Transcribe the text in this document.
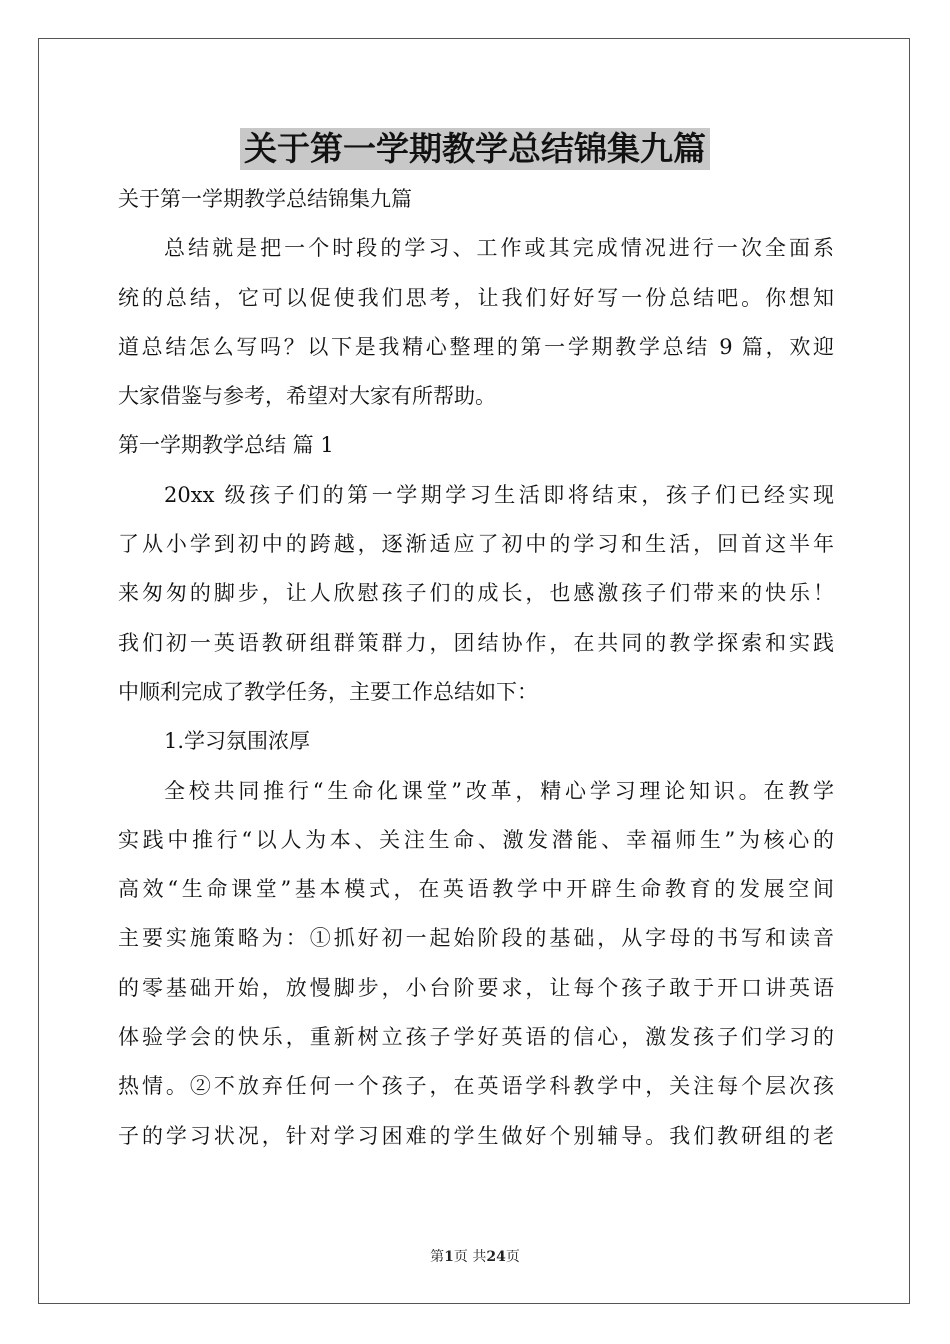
关于第一学期教学总结锦集九篇
关于第一学期教学总结锦集九篇
总结就是把一个时段的学习、工作或其完成情况进行一次全面系
统的总结，它可以促使我们思考，让我们好好写一份总结吧。你想知
道总结怎么写吗？以下是我精心整理的第一学期教学总结 9 篇，欢迎
大家借鉴与参考，希望对大家有所帮助。
第一学期教学总结 篇 1
20xx 级孩子们的第一学期学习生活即将结束，孩子们已经实现
了从小学到初中的跨越，逐渐适应了初中的学习和生活，回首这半年
来匆匆的脚步，让人欣慰孩子们的成长，也感激孩子们带来的快乐！
我们初一英语教研组群策群力，团结协作，在共同的教学探索和实践
中顺利完成了教学任务，主要工作总结如下：
1.学习氛围浓厚
全校共同推行“生命化课堂”改革，精心学习理论知识。在教学
实践中推行“以人为本、关注生命、激发潜能、幸福师生”为核心的
高效“生命课堂”基本模式，在英语教学中开辟生命教育的发展空间
主要实施策略为：①抓好初一起始阶段的基础，从字母的书写和读音
的零基础开始，放慢脚步，小台阶要求，让每个孩子敢于开口讲英语
体验学会的快乐，重新树立孩子学好英语的信心，激发孩子们学习的
热情。②不放弃任何一个孩子，在英语学科教学中，关注每个层次孩
子的学习状况，针对学习困难的学生做好个别辅导。我们教研组的老
第1页 共24页
